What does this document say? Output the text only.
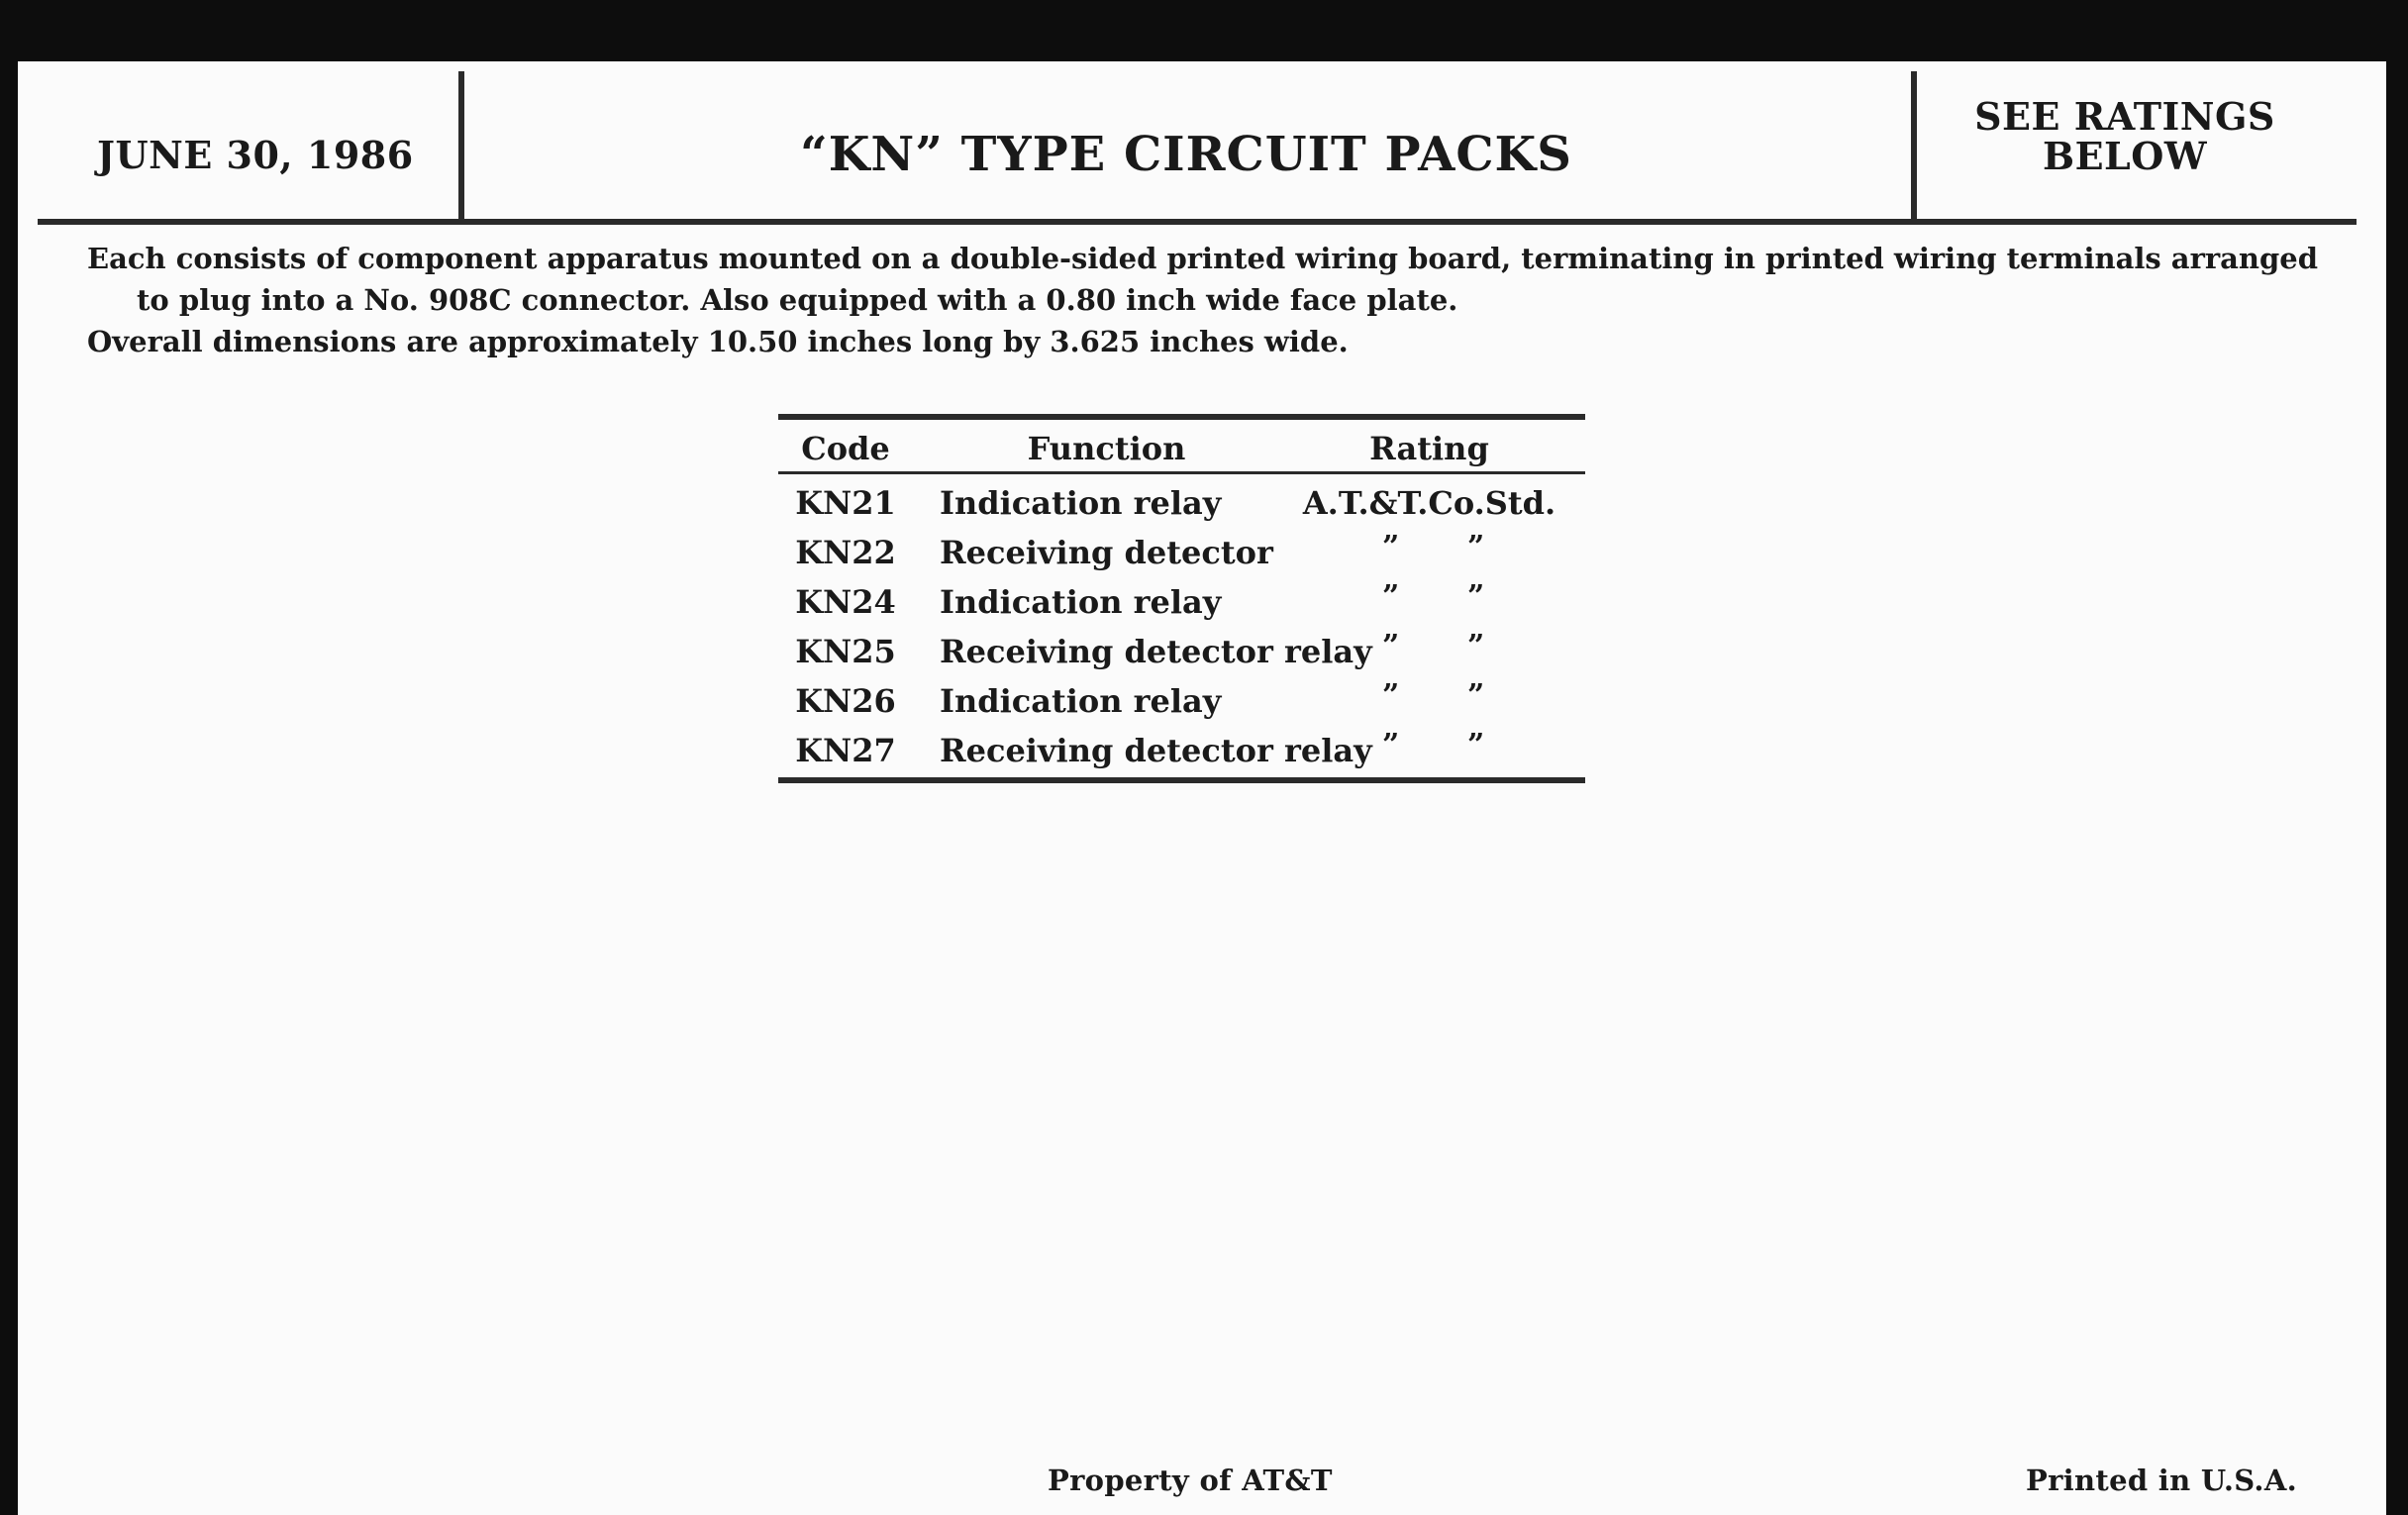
JUNE 30, 1986	“KN” TYPE CIRCUIT PACKS
SEE RATINGS
BELOW

Each consists of component apparatus mounted on a double-sided printed wiring board, terminating in printed wiring terminals arranged to plug into a No. 908C connector. Also equipped with a 0.80 inch wide face plate.

Overall dimensions are approximately 10.50 inches long by 3.625 inches wide.

Code	Function	Rating
KN21	Indication relay	A.T.&T.Co.Std.
KN22	Receiving detector	” ”
KN24	Indication relay	” ”
KN25	Receiving detector relay ” ”
KN26	Indication relay	” ”
KN27	Receiving detector relay ” ”
Property of AT&T	Printed in U.S.A.
